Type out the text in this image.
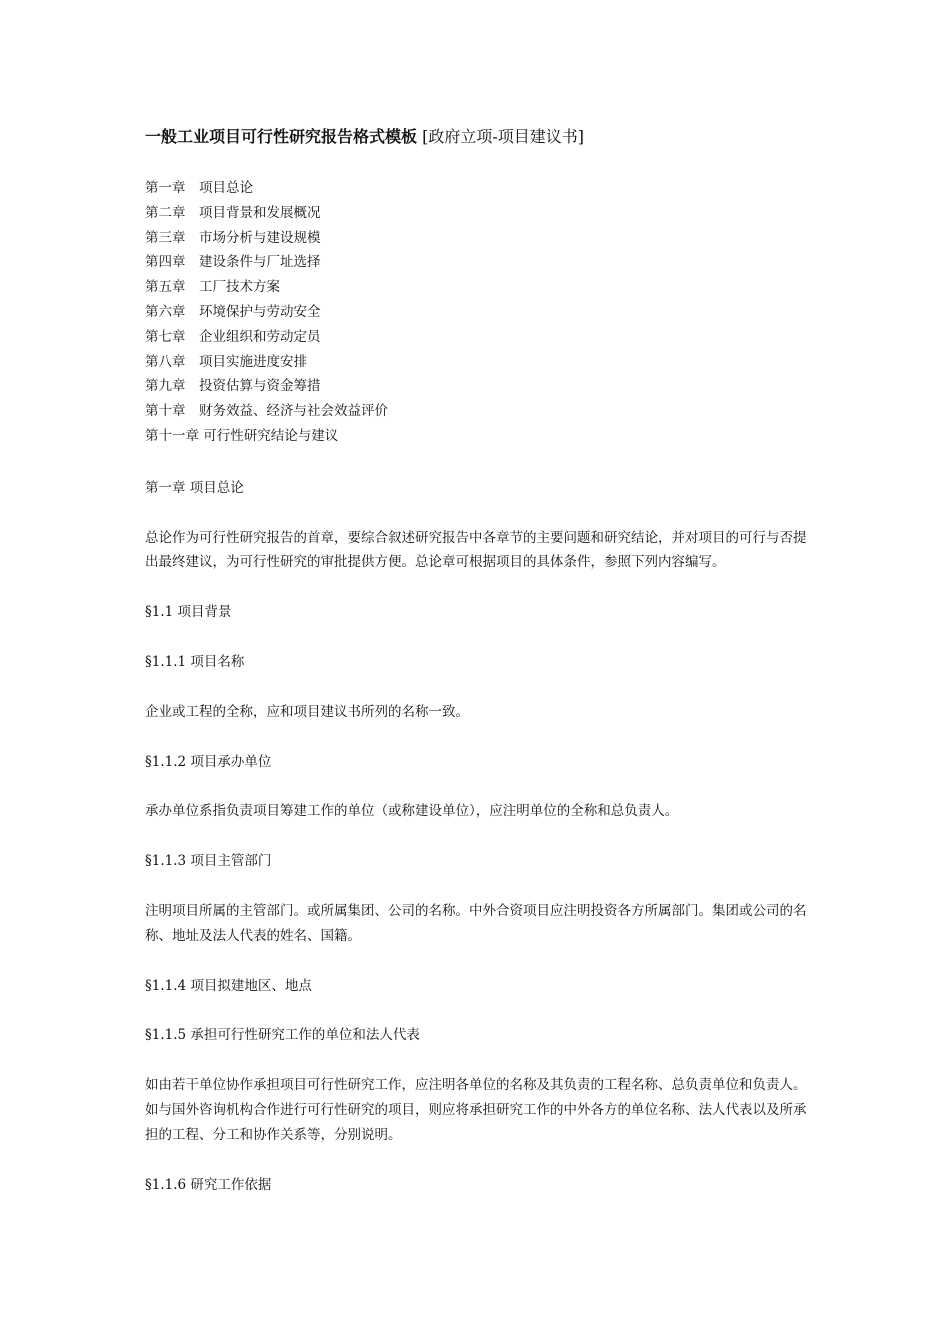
一般工业项目可行性研究报告格式模板 [政府立项-项目建议书]
第一章　项目总论
第二章　项目背景和发展概况
第三章　市场分析与建设规模
第四章　建设条件与厂址选择
第五章　工厂技术方案
第六章　环境保护与劳动安全
第七章　企业组织和劳动定员
第八章　项目实施进度安排
第九章　投资估算与资金筹措
第十章　财务效益、经济与社会效益评价
第十一章 可行性研究结论与建议
第一章 项目总论

总论作为可行性研究报告的首章，要综合叙述研究报告中各章节的主要问题和研究结论，并对项目的可行与否提出最终建议，为可行性研究的审批提供方便。总论章可根据项目的具体条件，参照下列内容编写。

§1.1 项目背景
§1.1.1 项目名称

企业或工程的全称，应和项目建议书所列的名称一致。

§1.1.2 项目承办单位

承办单位系指负责项目筹建工作的单位（或称建设单位），应注明单位的全称和总负责人。

§1.1.3 项目主管部门

注明项目所属的主管部门。或所属集团、公司的名称。中外合资项目应注明投资各方所属部门。集团或公司的名称、地址及法人代表的姓名、国籍。

§1.1.4 项目拟建地区、地点
§1.1.5 承担可行性研究工作的单位和法人代表

如由若干单位协作承担项目可行性研究工作，应注明各单位的名称及其负责的工程名称、总负责单位和负责人。如与国外咨询机构合作进行可行性研究的项目，则应将承担研究工作的中外各方的单位名称、法人代表以及所承担的工程、分工和协作关系等，分别说明。

§1.1.6 研究工作依据
